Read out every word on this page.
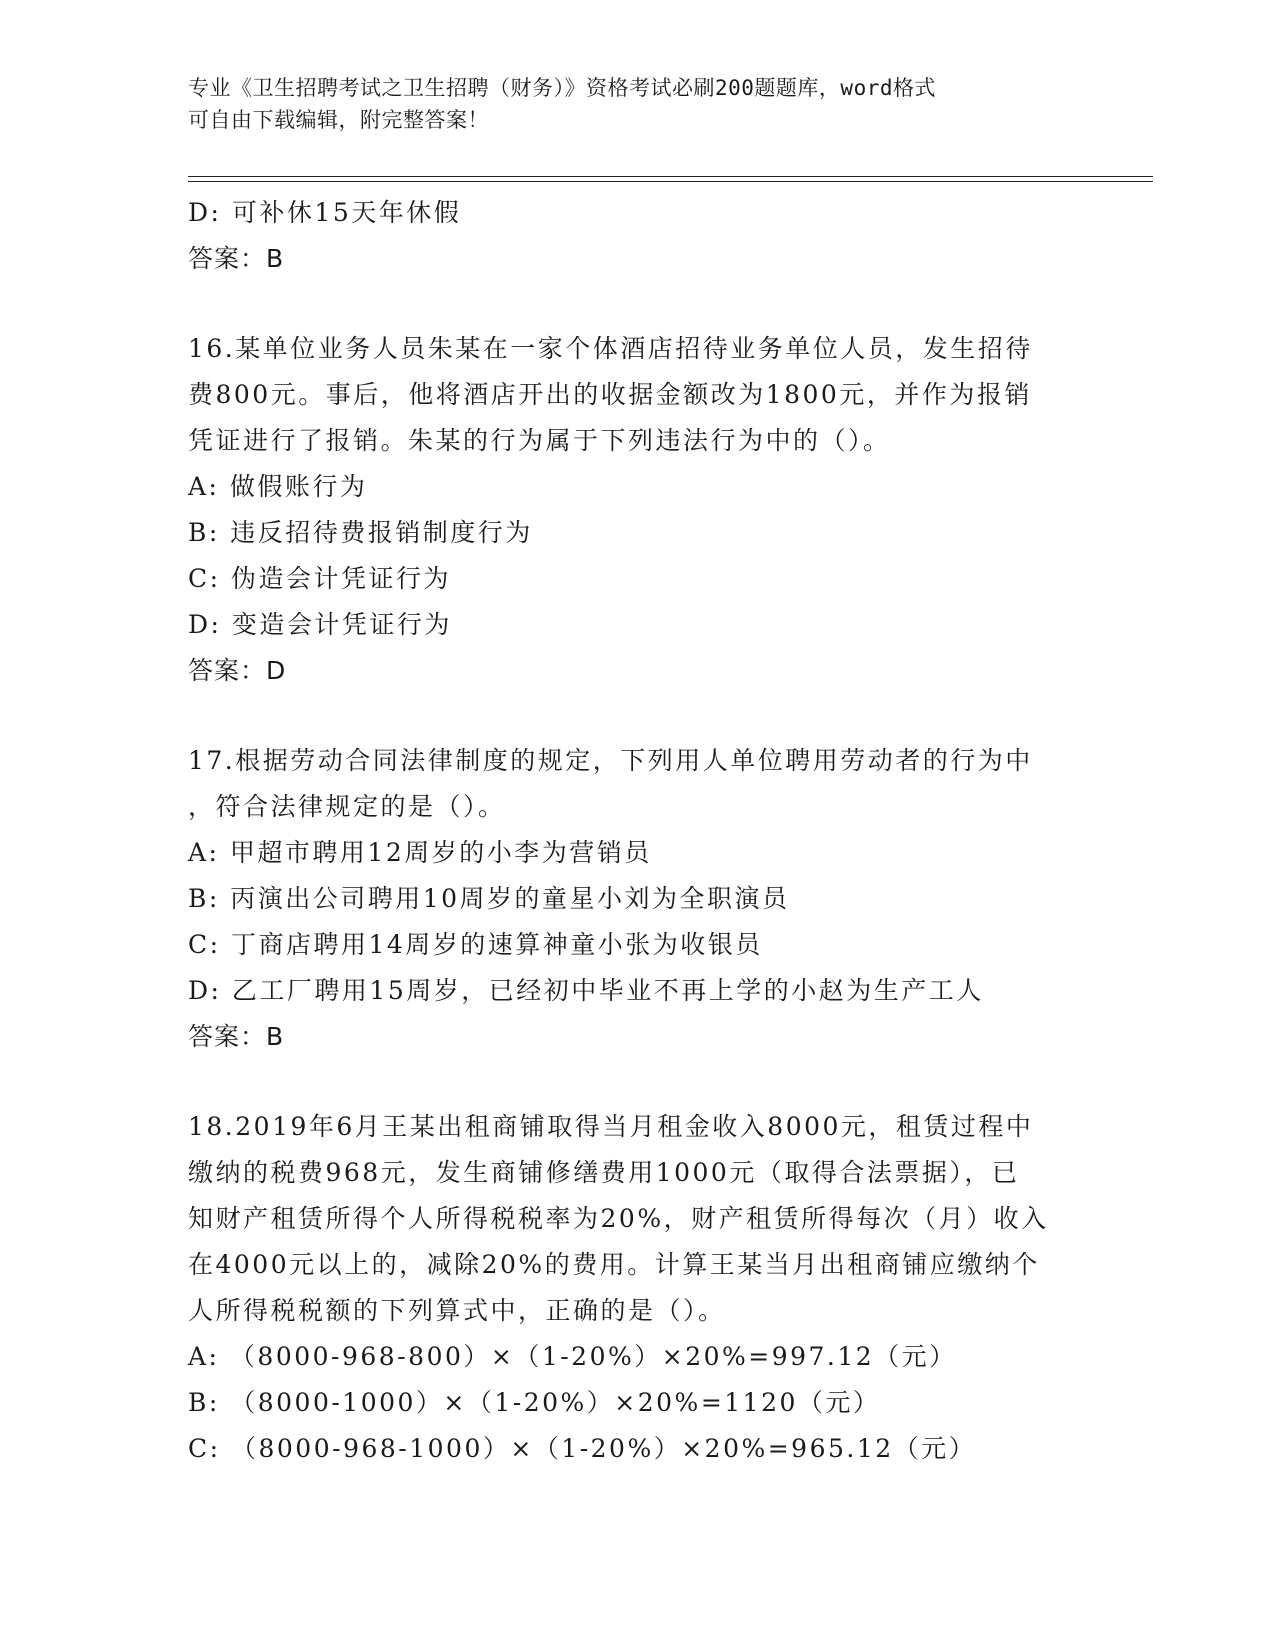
专业《卫生招聘考试之卫生招聘（财务）》资格考试必刷200题题库，word格式
可自由下载编辑，附完整答案！
D: 可补休15天年休假
答案：B
16.某单位业务人员朱某在一家个体酒店招待业务单位人员，发生招待
费800元。事后，他将酒店开出的收据金额改为1800元，并作为报销
凭证进行了报销。朱某的行为属于下列违法行为中的（）。
A: 做假账行为
B: 违反招待费报销制度行为
C: 伪造会计凭证行为
D: 变造会计凭证行为
答案：D
17.根据劳动合同法律制度的规定，下列用人单位聘用劳动者的行为中
，符合法律规定的是（）。
A: 甲超市聘用12周岁的小李为营销员
B: 丙演出公司聘用10周岁的童星小刘为全职演员
C: 丁商店聘用14周岁的速算神童小张为收银员
D: 乙工厂聘用15周岁，已经初中毕业不再上学的小赵为生产工人
答案：B
18.2019年6月王某出租商铺取得当月租金收入8000元，租赁过程中
缴纳的税费968元，发生商铺修缮费用1000元（取得合法票据），已
知财产租赁所得个人所得税税率为20%，财产租赁所得每次（月）收入
在4000元以上的，减除20%的费用。计算王某当月出租商铺应缴纳个
人所得税税额的下列算式中，正确的是（）。
A: （8000-968-800）×（1-20%）×20%=997.12（元）
B: （8000-1000）×（1-20%）×20%=1120（元）
C: （8000-968-1000）×（1-20%）×20%=965.12（元）
